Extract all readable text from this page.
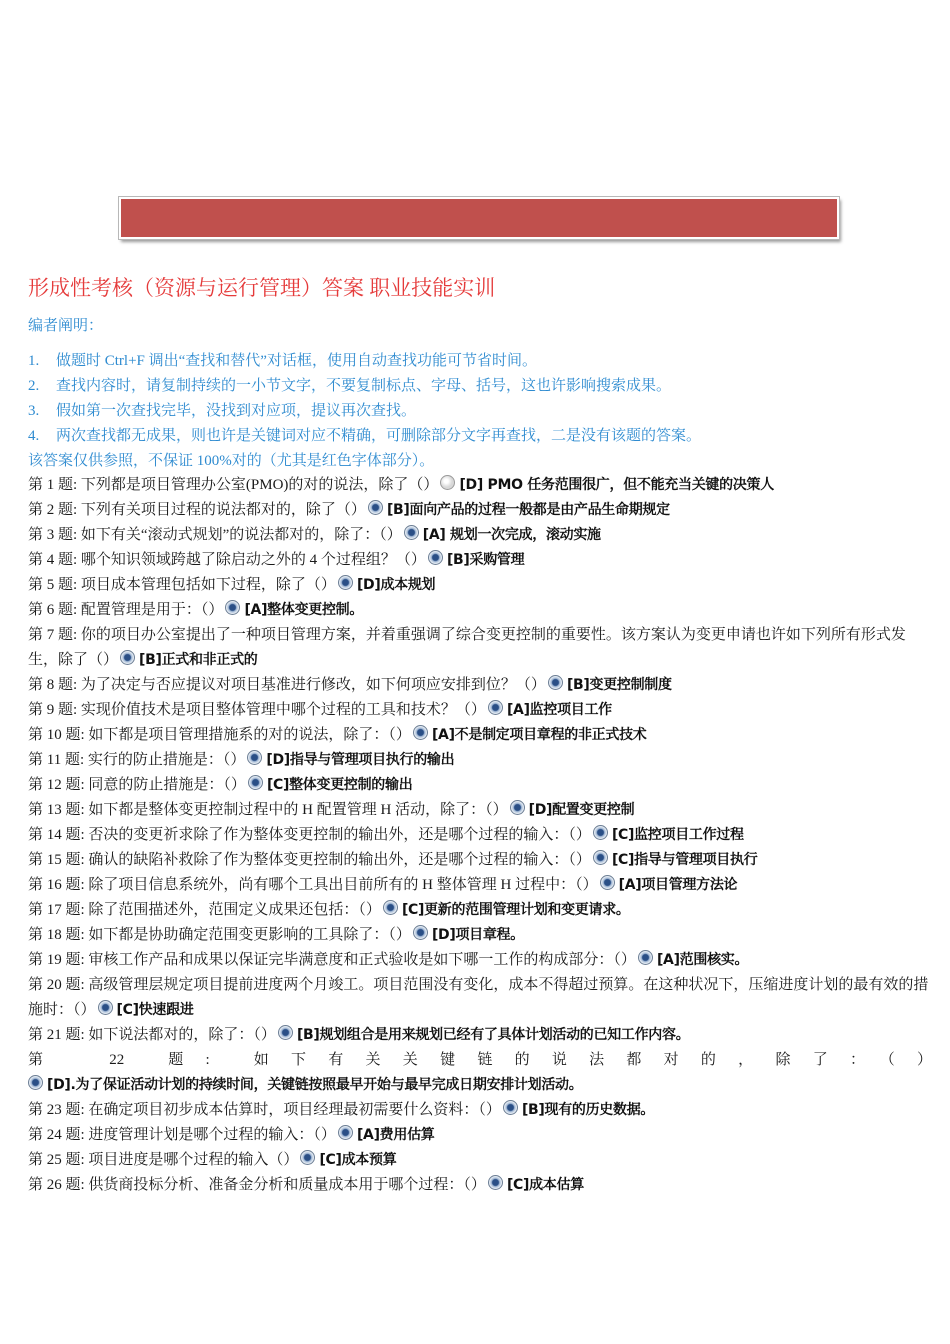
形成性考核（资源与运行管理）答案 职业技能实训
编者阐明：
1. 做题时 Ctrl+F 调出“查找和替代”对话框，使用自动查找功能可节省时间。
2. 查找内容时，请复制持续的一小节文字，不要复制标点、字母、括号，这也许影响搜索成果。
3. 假如第一次查找完毕，没找到对应项，提议再次查找。
4. 两次查找都无成果，则也许是关键词对应不精确，可删除部分文字再查找，二是没有该题的答案。
该答案仅供参照，不保证 100%对的（尤其是红色字体部分）。
第 1 题: 下列都是项目管理办公室(PMO)的对的说法，除了（） [D] PMO 任务范围很广，但不能充当关键的决策人
第 2 题: 下列有关项目过程的说法都对的，除了（） [B]面向产品的过程一般都是由产品生命期规定
第 3 题: 如下有关“滚动式规划”的说法都对的，除了：（） [A] 规划一次完成，滚动实施
第 4 题: 哪个知识领域跨越了除启动之外的 4 个过程组？（） [B]采购管理
第 5 题: 项目成本管理包括如下过程，除了（） [D]成本规划
第 6 题: 配置管理是用于：（） [A]整体变更控制。
第 7 题: 你的项目办公室提出了一种项目管理方案，并着重强调了综合变更控制的重要性。该方案认为变更申请也许如下列所有形式发生，除了（） [B]正式和非正式的
第 8 题: 为了决定与否应提议对项目基准进行修改，如下何项应安排到位？（） [B]变更控制制度
第 9 题: 实现价值技术是项目整体管理中哪个过程的工具和技术？（） [A]监控项目工作
第 10 题: 如下都是项目管理措施系的对的说法，除了：（） [A]不是制定项目章程的非正式技术
第 11 题: 实行的防止措施是：（） [D]指导与管理项目执行的输出
第 12 题: 同意的防止措施是：（） [C]整体变更控制的输出
第 13 题: 如下都是整体变更控制过程中的 H 配置管理 H 活动，除了：（） [D]配置变更控制
第 14 题: 否决的变更祈求除了作为整体变更控制的输出外，还是哪个过程的输入：（） [C]监控项目工作过程
第 15 题: 确认的缺陷补救除了作为整体变更控制的输出外，还是哪个过程的输入：（） [C]指导与管理项目执行
第 16 题: 除了项目信息系统外，尚有哪个工具出目前所有的 H 整体管理 H 过程中：（） [A]项目管理方法论
第 17 题: 除了范围描述外，范围定义成果还包括：（） [C]更新的范围管理计划和变更请求。
第 18 题: 如下都是协助确定范围变更影响的工具除了：（） [D]项目章程。
第 19 题: 审核工作产品和成果以保证完毕满意度和正式验收是如下哪一工作的构成部分：（） [A]范围核实。
第 20 题: 高级管理层规定项目提前进度两个月竣工。项目范围没有变化，成本不得超过预算。在这种状况下，压缩进度计划的最有效的措施时：（） [C]快速跟进
第 21 题: 如下说法都对的，除了：（） [B]规划组合是用来规划已经有了具体计划活动的已知工作内容。
第 22 题:	如下有关关键链的说法都对的，除了：（）
[D].为了保证活动计划的持续时间，关键链按照最早开始与最早完成日期安排计划活动。
第 23 题: 在确定项目初步成本估算时，项目经理最初需要什么资料：（） [B]现有的历史数据。
第 24 题: 进度管理计划是哪个过程的输入：（） [A]费用估算
第 25 题: 项目进度是哪个过程的输入（） [C]成本预算
第 26 题: 供货商投标分析、准备金分析和质量成本用于哪个过程：（） [C]成本估算
